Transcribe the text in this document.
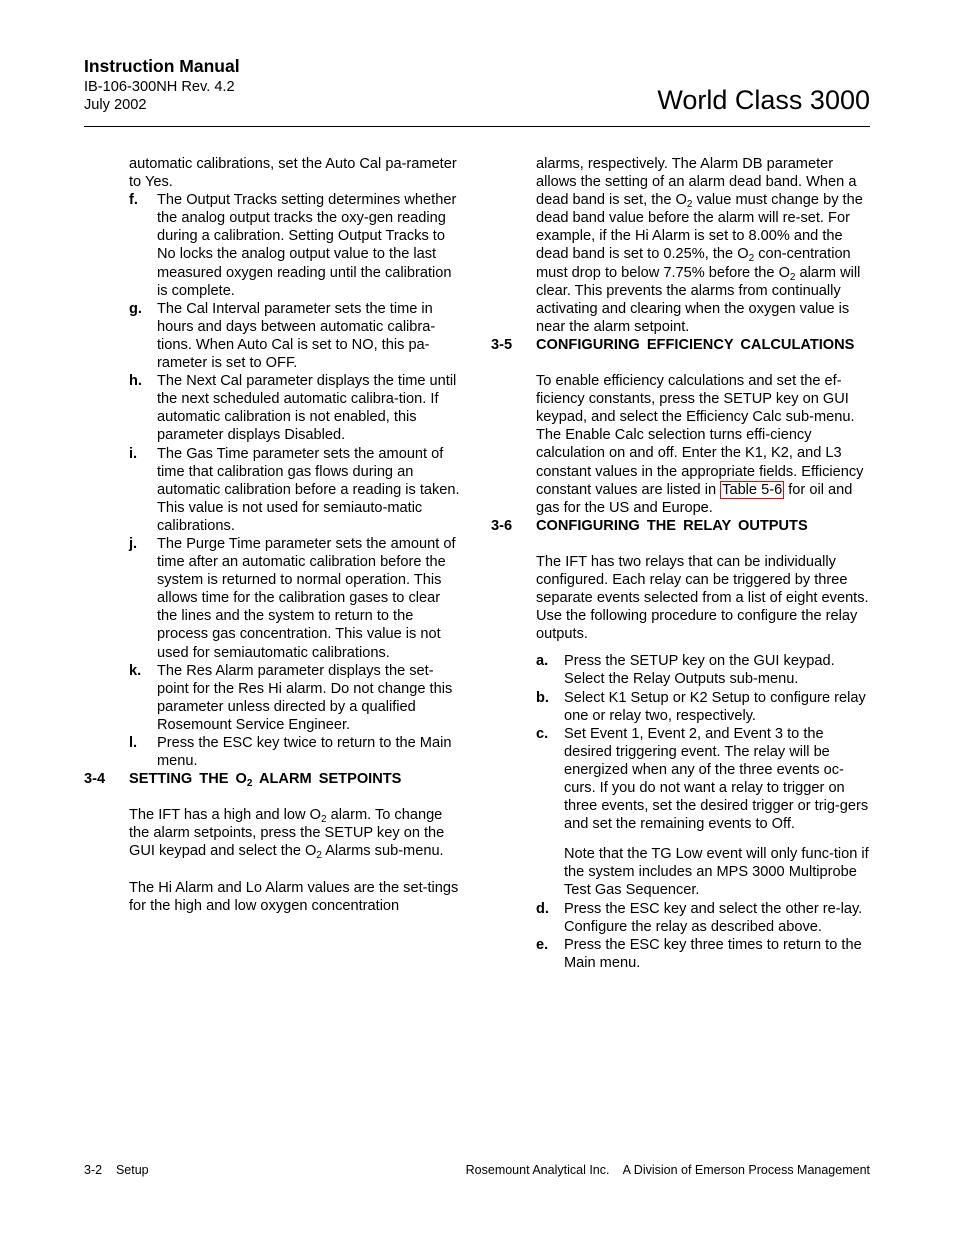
Instruction Manual
IB-106-300NH Rev. 4.2
July 2002	World Class 3000

automatic calibrations, set the Auto Cal pa-rameter to Yes.

f.	The Output Tracks setting determines whether the analog output tracks the oxy-gen reading during a calibration. Setting Output Tracks to No locks the analog output value to the last measured oxygen reading until the calibration is complete.
g.	The Cal Interval parameter sets the time in hours and days between automatic calibra-tions. When Auto Cal is set to NO, this pa-rameter is set to OFF.
h.	The Next Cal parameter displays the time until the next scheduled automatic calibra-tion. If automatic calibration is not enabled, this parameter displays Disabled.
i.	The Gas Time parameter sets the amount of time that calibration gas flows during an automatic calibration before a reading is taken. This value is not used for semiauto-matic calibrations.
j.	The Purge Time parameter sets the amount of time after an automatic calibration before the system is returned to normal operation. This allows time for the calibration gases to clear the lines and the system to return to the process gas concentration. This value is not used for semiautomatic calibrations.
k.	The Res Alarm parameter displays the set-point for the Res Hi alarm. Do not change this parameter unless directed by a qualified Rosemount Service Engineer.
l.	Press the ESC key twice to return to the Main menu.
3-4	SETTING THE $O_2$ ALARM SETPOINTS

The IFT has a high and low $O_2$ alarm. To change the alarm setpoints, press the SETUP key on the GUI keypad and select the $O_2$ Alarms sub-menu.

The Hi Alarm and Lo Alarm values are the set-tings for the high and low oxygen concentration

alarms, respectively. The Alarm DB parameter allows the setting of an alarm dead band. When a dead band is set, the $O_2$ value must change by the dead band value before the alarm will re-set. For example, if the Hi Alarm is set to 8.00% and the dead band is set to 0.25%, the $O_2$ con-centration must drop to below 7.75% before the $O_2$ alarm will clear. This prevents the alarms from continually activating and clearing when the oxygen value is near the alarm setpoint.

3-5	CONFIGURING EFFICIENCY CALCULATIONS

To enable efficiency calculations and set the ef-ficiency constants, press the SETUP key on GUI keypad, and select the Efficiency Calc sub-menu. The Enable Calc selection turns effi-ciency calculation on and off. Enter the K1, K2, and L3 constant values in the appropriate fields. Efficiency constant values are listed in Table 5-6 for oil and gas for the US and Europe.

3-6	CONFIGURING THE RELAY OUTPUTS

The IFT has two relays that can be individually configured. Each relay can be triggered by three separate events selected from a list of eight events. Use the following procedure to configure the relay outputs.

a.	Press the SETUP key on the GUI keypad. Select the Relay Outputs sub-menu.
b.	Select K1 Setup or K2 Setup to configure relay one or relay two, respectively.
c.	Set Event 1, Event 2, and Event 3 to the desired triggering event. The relay will be energized when any of the three events oc-curs. If you do not want a relay to trigger on three events, set the desired trigger or trig-gers and set the remaining events to Off.

Note that the TG Low event will only func-tion if the system includes an MPS 3000 Multiprobe Test Gas Sequencer.

d.	Press the ESC key and select the other re-lay. Configure the relay as described above.
e.	Press the ESC key three times to return to the Main menu.
3-2    Setup	Rosemount Analytical Inc.    A Division of Emerson Process Management
